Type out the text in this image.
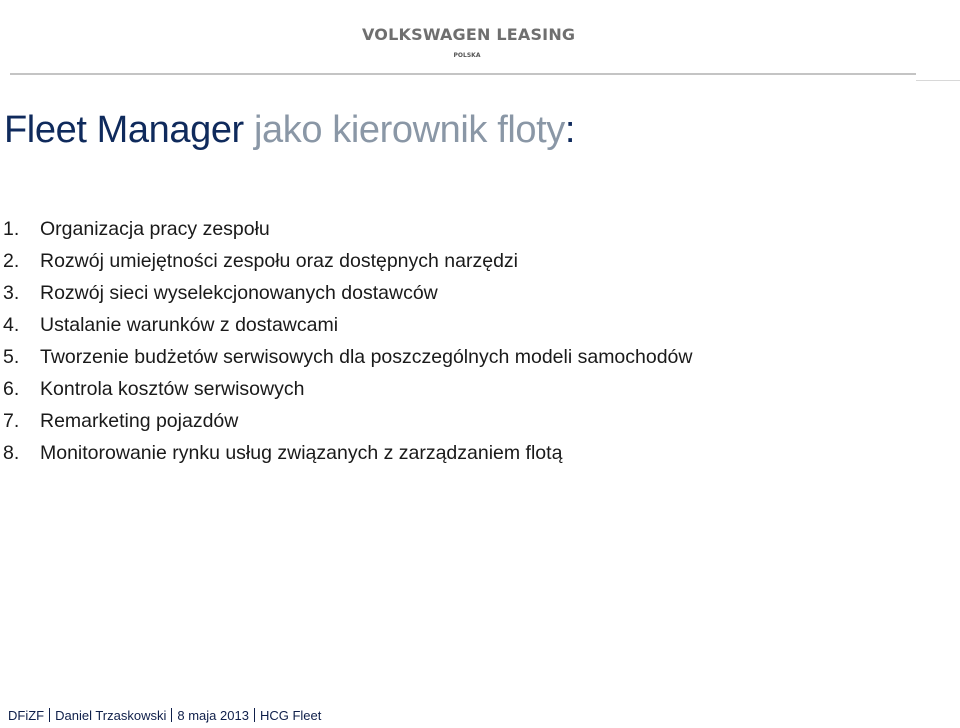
VOLKSWAGEN LEASING
POLSKA
Fleet Manager jako kierownik floty:
1. Organizacja pracy zespołu
2. Rozwój umiejętności zespołu oraz dostępnych narzędzi
3. Rozwój sieci wyselekcjonowanych dostawców
4. Ustalanie warunków z dostawcami
5. Tworzenie budżetów serwisowych dla poszczególnych modeli samochodów
6. Kontrola kosztów serwisowych
7. Remarketing pojazdów
8. Monitorowanie rynku usług związanych z zarządzaniem flotą
DFiZF Daniel Trzaskowski 8 maja 2013 HCG Fleet
